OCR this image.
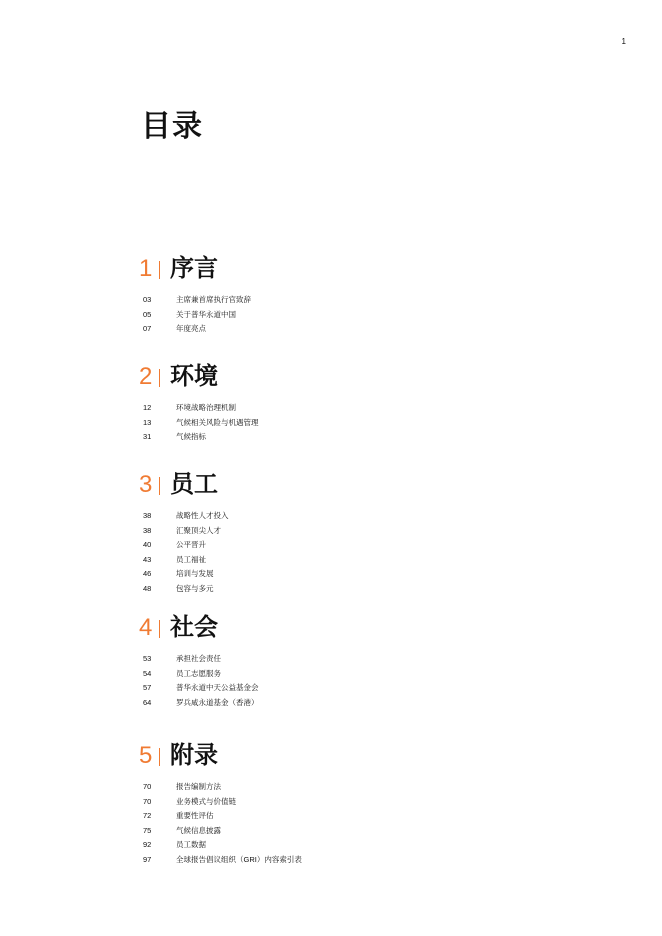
1
目录
1 序言
03	主席兼首席执行官致辞
05	关于普华永道中国
07	年度亮点
2 环境
12	环境战略治理机制
13	气候相关风险与机遇管理
31	气候指标
3 员工
38	战略性人才投入
38	汇聚顶尖人才
40	公平晋升
43	员工福祉
46	培训与发展
48	包容与多元
4 社会
53	承担社会责任
54	员工志愿服务
57	普华永道中天公益基金会
64	罗兵咸永道基金（香港）
5 附录
70	报告编制方法
70	业务模式与价值链
72	重要性评估
75	气候信息披露
92	员工数据
97	全球报告倡议组织（GRI）内容索引表
